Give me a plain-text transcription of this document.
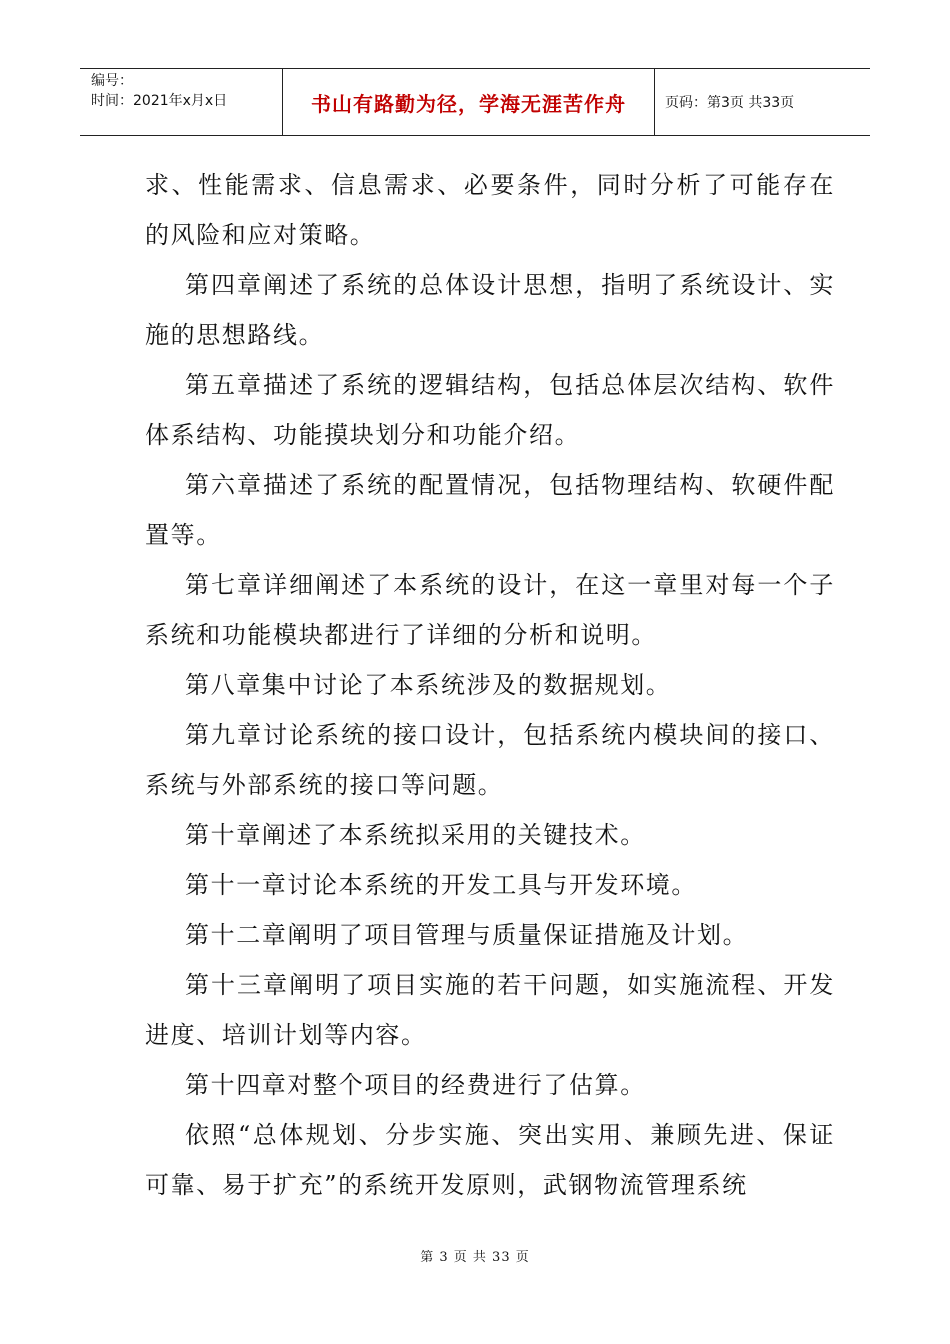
编号：
时间：2021年x月x日	书山有路勤为径，学海无涯苦作舟	页码：第3页 共33页

求、性能需求、信息需求、必要条件，同时分析了可能存在的风险和应对策略。

第四章阐述了系统的总体设计思想，指明了系统设计、实施的思想路线。

第五章描述了系统的逻辑结构，包括总体层次结构、软件体系结构、功能摸块划分和功能介绍。

第六章描述了系统的配置情况，包括物理结构、软硬件配置等。

第七章详细阐述了本系统的设计，在这一章里对每一个子系统和功能模块都进行了详细的分析和说明。

第八章集中讨论了本系统涉及的数据规划。

第九章讨论系统的接口设计，包括系统内模块间的接口、系统与外部系统的接口等问题。

第十章阐述了本系统拟采用的关键技术。

第十一章讨论本系统的开发工具与开发环境。

第十二章阐明了项目管理与质量保证措施及计划。

第十三章阐明了项目实施的若干问题，如实施流程、开发进度、培训计划等内容。

第十四章对整个项目的经费进行了估算。

依照“总体规划、分步实施、突出实用、兼顾先进、保证可靠、易于扩充”的系统开发原则，武钢物流管理系统

第 3 页 共 33 页
